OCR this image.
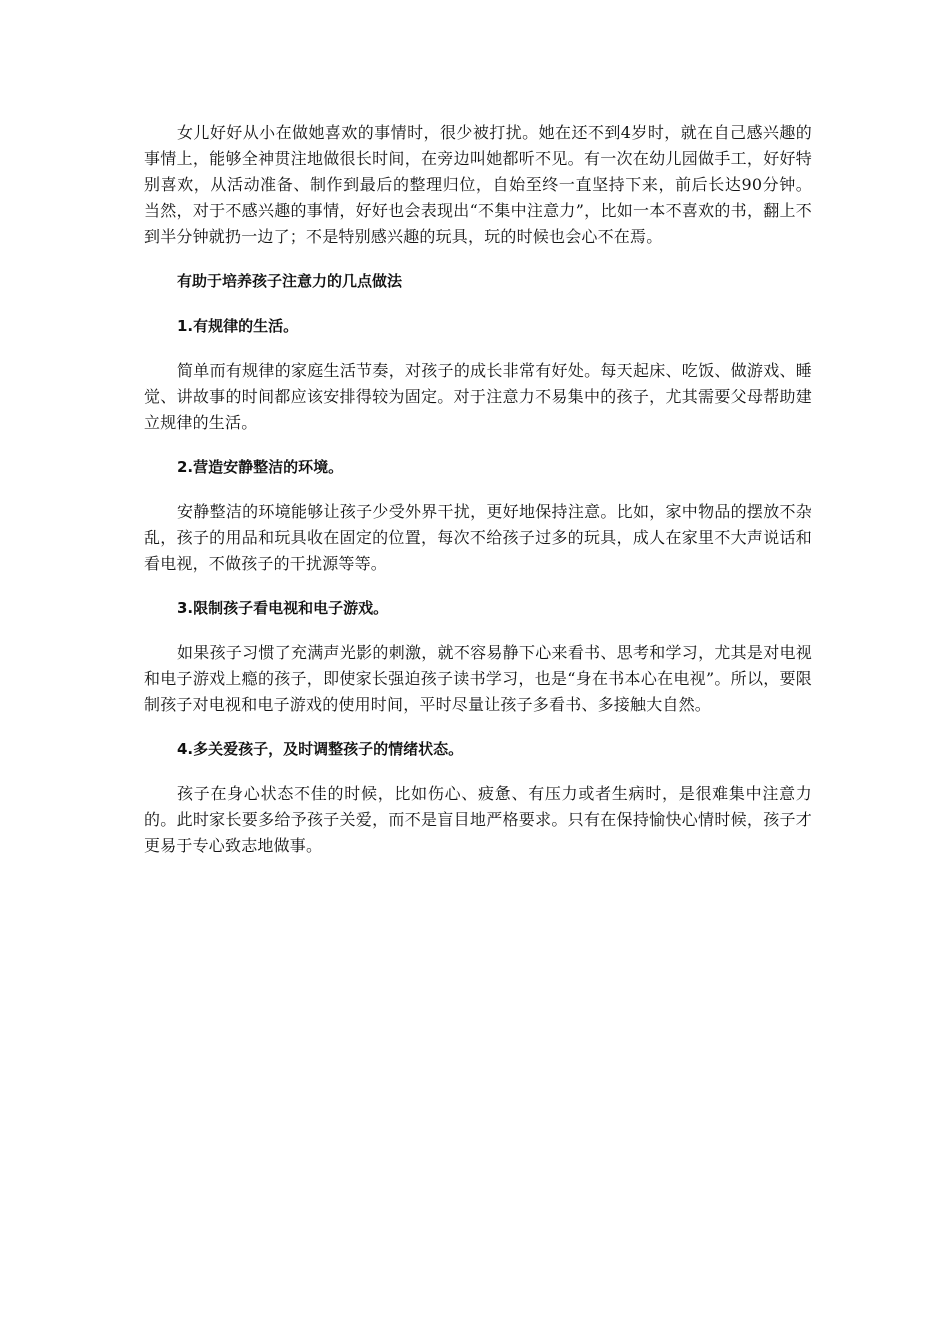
女儿好好从小在做她喜欢的事情时，很少被打扰。她在还不到4岁时，就在自己感兴趣的事情上，能够全神贯注地做很长时间，在旁边叫她都听不见。有一次在幼儿园做手工，好好特别喜欢，从活动准备、制作到最后的整理归位，自始至终一直坚持下来，前后长达90分钟。当然，对于不感兴趣的事情，好好也会表现出“不集中注意力”，比如一本不喜欢的书，翻上不到半分钟就扔一边了；不是特别感兴趣的玩具，玩的时候也会心不在焉。

有助于培养孩子注意力的几点做法

1.有规律的生活。

简单而有规律的家庭生活节奏，对孩子的成长非常有好处。每天起床、吃饭、做游戏、睡觉、讲故事的时间都应该安排得较为固定。对于注意力不易集中的孩子，尤其需要父母帮助建立规律的生活。

2.营造安静整洁的环境。

安静整洁的环境能够让孩子少受外界干扰，更好地保持注意。比如，家中物品的摆放不杂乱，孩子的用品和玩具收在固定的位置，每次不给孩子过多的玩具，成人在家里不大声说话和看电视，不做孩子的干扰源等等。

3.限制孩子看电视和电子游戏。

如果孩子习惯了充满声光影的刺激，就不容易静下心来看书、思考和学习，尤其是对电视和电子游戏上瘾的孩子，即使家长强迫孩子读书学习，也是“身在书本心在电视”。所以，要限制孩子对电视和电子游戏的使用时间，平时尽量让孩子多看书、多接触大自然。

4.多关爱孩子，及时调整孩子的情绪状态。

孩子在身心状态不佳的时候，比如伤心、疲惫、有压力或者生病时，是很难集中注意力的。此时家长要多给予孩子关爱，而不是盲目地严格要求。只有在保持愉快心情时候，孩子才更易于专心致志地做事。
